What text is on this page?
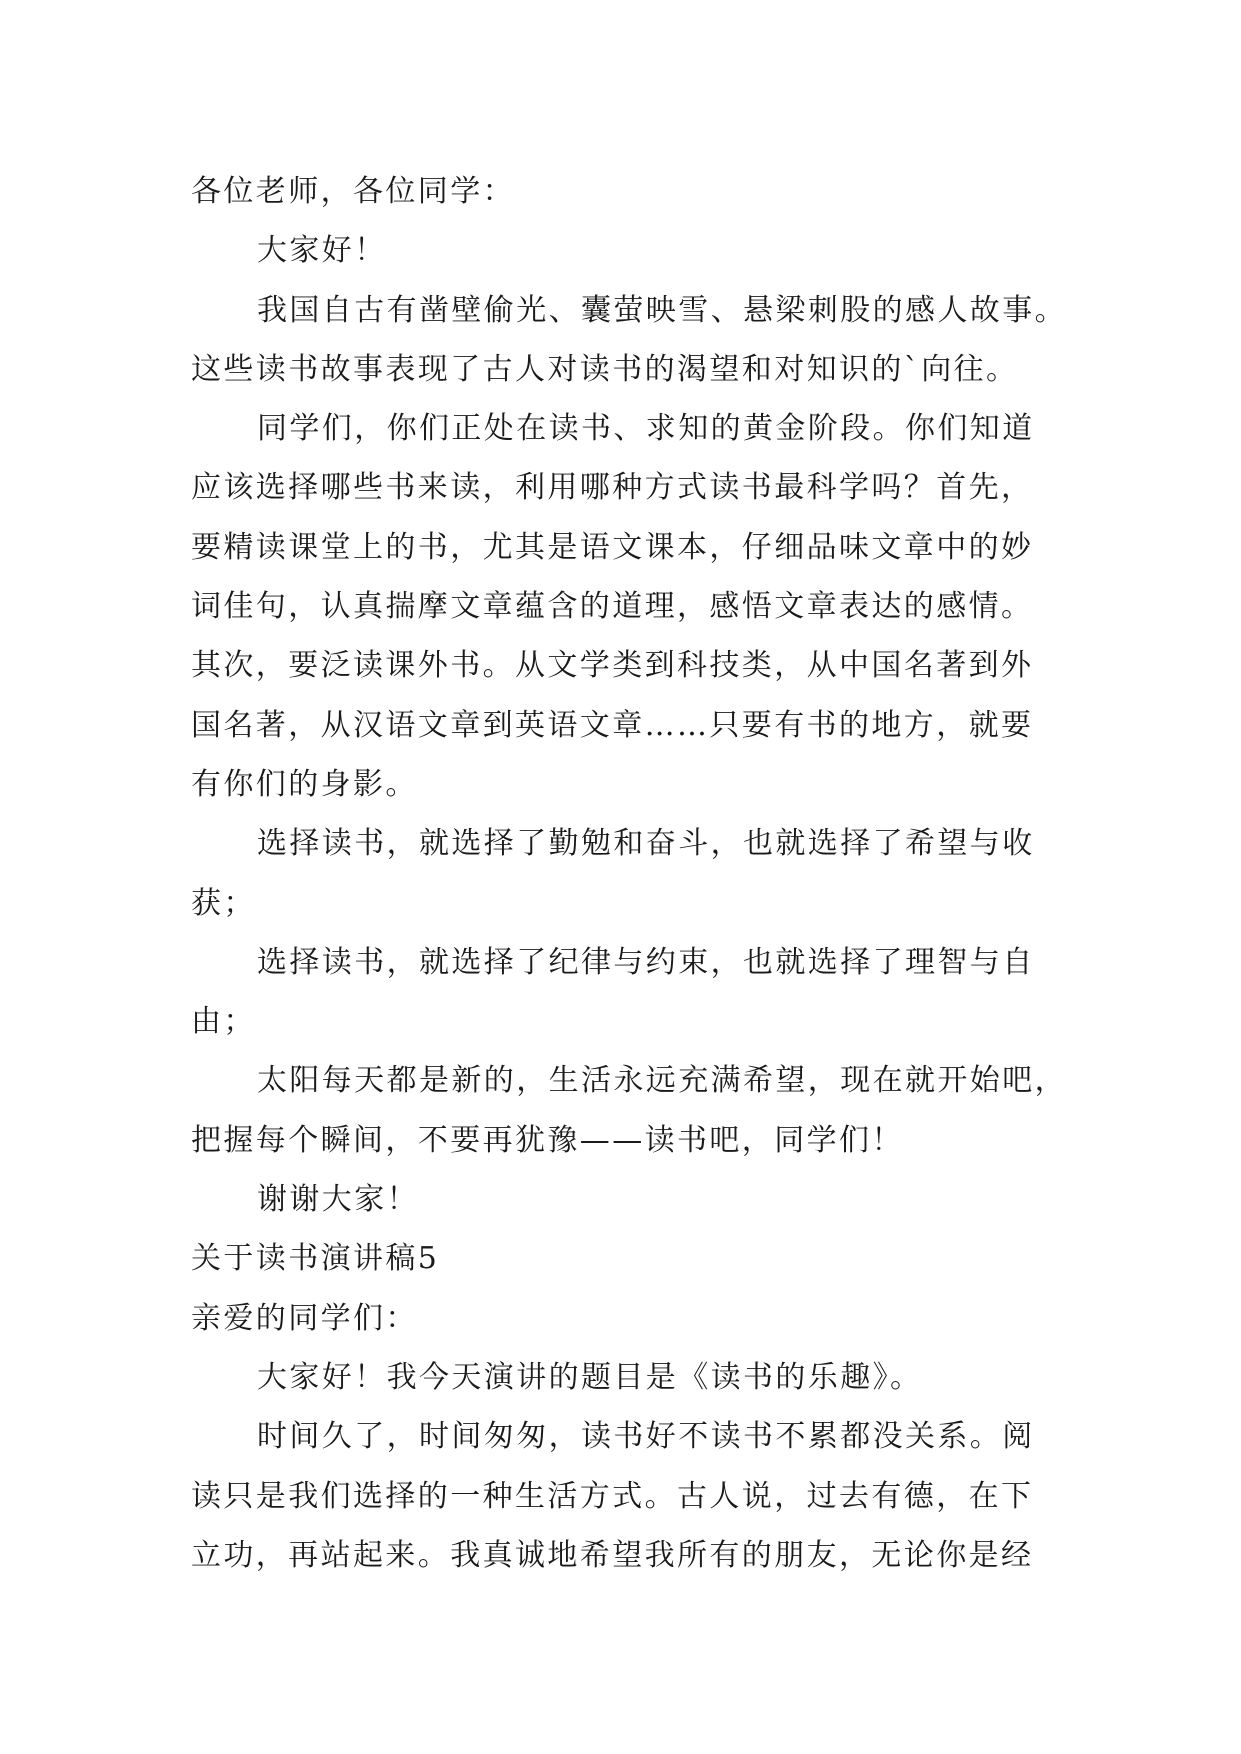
各位老师，各位同学：
大家好！
我国自古有凿壁偷光、囊萤映雪、悬梁刺股的感人故事。
这些读书故事表现了古人对读书的渴望和对知识的`向往。
同学们，你们正处在读书、求知的黄金阶段。你们知道
应该选择哪些书来读，利用哪种方式读书最科学吗？首先，
要精读课堂上的书，尤其是语文课本，仔细品味文章中的妙
词佳句，认真揣摩文章蕴含的道理，感悟文章表达的感情。
其次，要泛读课外书。从文学类到科技类，从中国名著到外
国名著，从汉语文章到英语文章……只要有书的地方，就要
有你们的身影。
选择读书，就选择了勤勉和奋斗，也就选择了希望与收
获；
选择读书，就选择了纪律与约束，也就选择了理智与自
由；
太阳每天都是新的，生活永远充满希望，现在就开始吧，
把握每个瞬间，不要再犹豫——读书吧，同学们！
谢谢大家！
关于读书演讲稿5
亲爱的同学们：
大家好！我今天演讲的题目是《读书的乐趣》。
时间久了，时间匆匆，读书好不读书不累都没关系。阅
读只是我们选择的一种生活方式。古人说，过去有德，在下
立功，再站起来。我真诚地希望我所有的朋友，无论你是经
